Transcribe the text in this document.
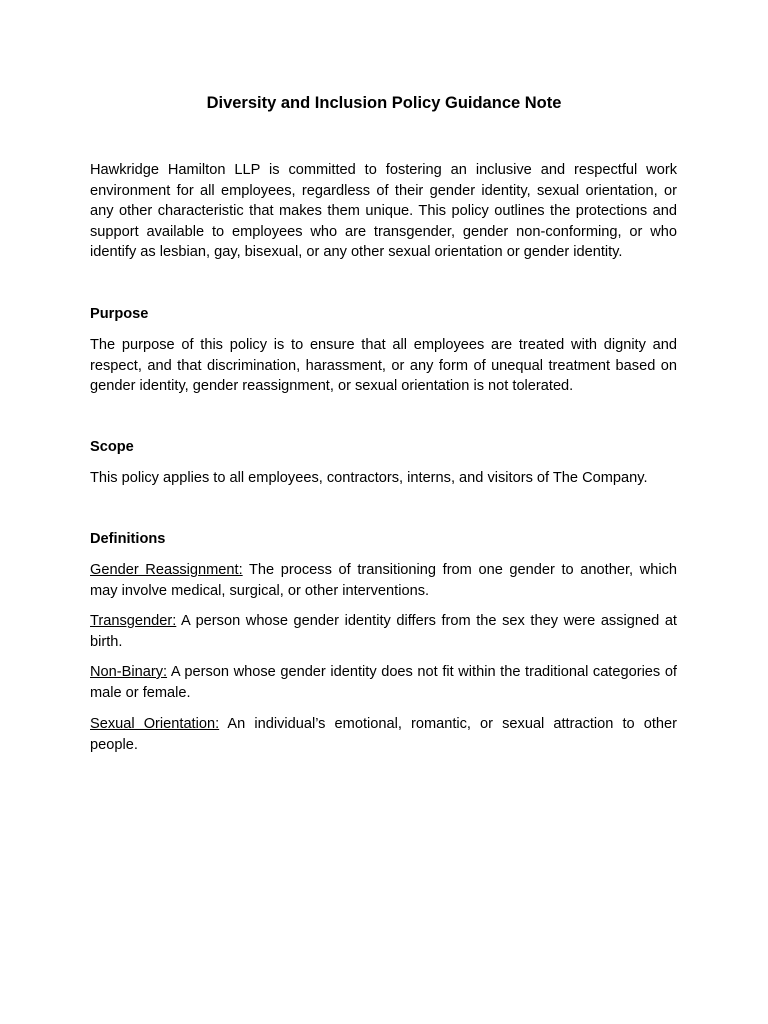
Diversity and Inclusion Policy Guidance Note

Hawkridge Hamilton LLP is committed to fostering an inclusive and respectful work environment for all employees, regardless of their gender identity, sexual orientation, or any other characteristic that makes them unique. This policy outlines the protections and support available to employees who are transgender, gender non-conforming, or who identify as lesbian, gay, bisexual, or any other sexual orientation or gender identity.

Purpose

The purpose of this policy is to ensure that all employees are treated with dignity and respect, and that discrimination, harassment, or any form of unequal treatment based on gender identity, gender reassignment, or sexual orientation is not tolerated.

Scope

This policy applies to all employees, contractors, interns, and visitors of The Company.

Definitions

Gender Reassignment: The process of transitioning from one gender to another, which may involve medical, surgical, or other interventions.

Transgender: A person whose gender identity differs from the sex they were assigned at birth.

Non-Binary: A person whose gender identity does not fit within the traditional categories of male or female.

Sexual Orientation: An individual’s emotional, romantic, or sexual attraction to other people.
